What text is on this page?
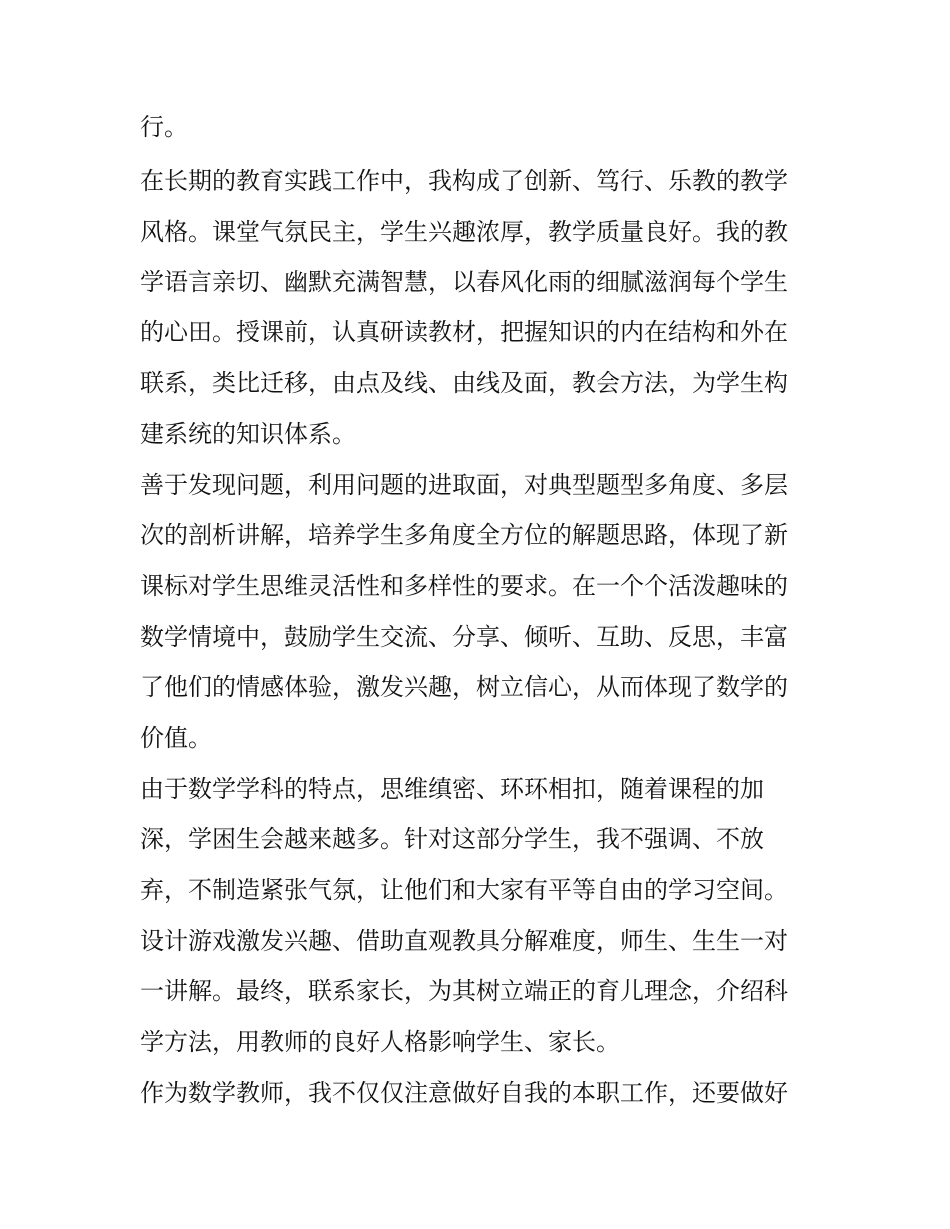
行。
在长期的教育实践工作中，我构成了创新、笃行、乐教的教学
风格。课堂气氛民主，学生兴趣浓厚，教学质量良好。我的教
学语言亲切、幽默充满智慧，以春风化雨的细腻滋润每个学生
的心田。授课前，认真研读教材，把握知识的内在结构和外在
联系，类比迁移，由点及线、由线及面，教会方法，为学生构
建系统的知识体系。
善于发现问题，利用问题的进取面，对典型题型多角度、多层
次的剖析讲解，培养学生多角度全方位的解题思路，体现了新
课标对学生思维灵活性和多样性的要求。在一个个活泼趣味的
数学情境中，鼓励学生交流、分享、倾听、互助、反思，丰富
了他们的情感体验，激发兴趣，树立信心，从而体现了数学的
价值。
由于数学学科的特点，思维缜密、环环相扣，随着课程的加
深，学困生会越来越多。针对这部分学生，我不强调、不放
弃，不制造紧张气氛，让他们和大家有平等自由的学习空间。
设计游戏激发兴趣、借助直观教具分解难度，师生、生生一对
一讲解。最终，联系家长，为其树立端正的育儿理念，介绍科
学方法，用教师的良好人格影响学生、家长。
作为数学教师，我不仅仅注意做好自我的本职工作，还要做好
